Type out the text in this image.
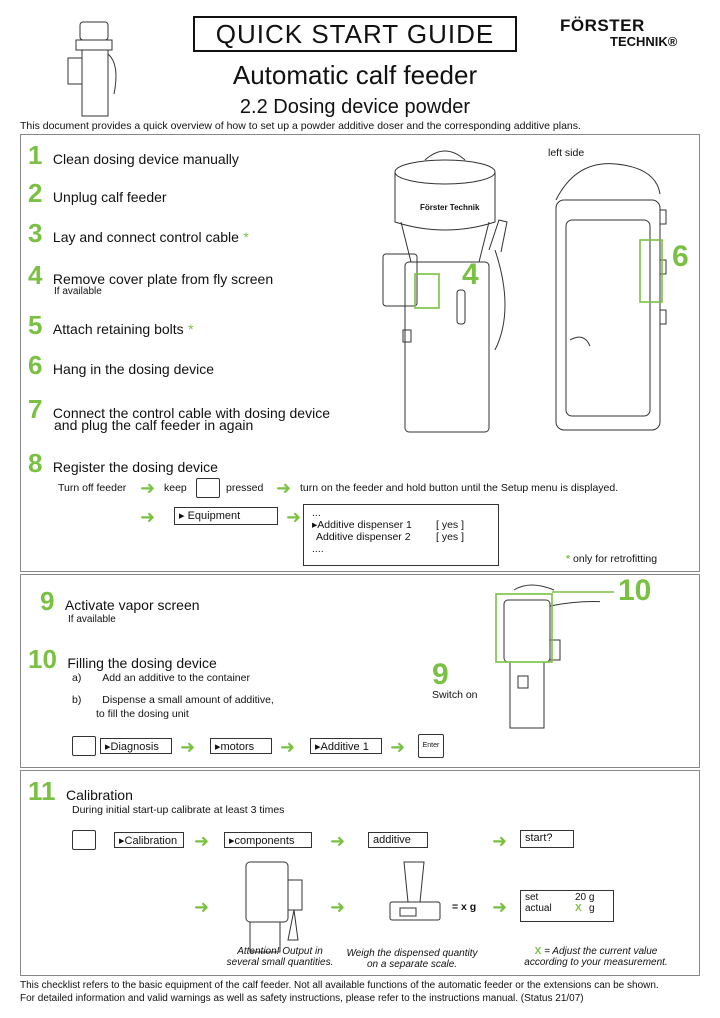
QUICK START GUIDE	FÖRSTER
TECHNIK®
Automatic calf feeder
2.2 Dosing device powder
This document provides a quick overview of how to set up a powder additive doser and the corresponding additive plans.
1 Clean dosing device manually
2 Unplug calf feeder
3 Lay and connect control cable *
4 Remove cover plate from fly screen
If available
5 Attach retaining bolts *
6 Hang in the dosing device
7 Connect the control cable with dosing device
and plug the calf feeder in again
8 Register the dosing device
Turn off feeder ➜ keep	pressed ➜ turn on the feeder and hold button until the Setup menu is displayed.
➜	▸ Equipment	➜ ...
▸Additive dispenser 1 [ yes ]
Additive dispenser 2 [ yes ]
....
* only for retrofitting
Förster Technik
4
left side
6
9 Activate vapor screen
If available
10 Filling the dosing device
a) Add an additive to the container
b) Dispense a small amount of additive,
to fill the dosing unit
10
9
Switch on
▸Diagnosis	➜	▸motors	➜	▸Additive 1	➜	Enter
11 Calibration
During initial start-up calibrate at least 3 times
▸Calibration ➜	▸components	➜	additive	➜	start?
➜	➜	= x g ➜ set	20 g
actual X g
Attention! Output in several small quantities.
Weigh the dispensed quantity on a separate scale.
X = Adjust the current value according to your measurement.
This checklist refers to the basic equipment of the calf feeder. Not all available functions of the automatic feeder or the extensions can be shown.
For detailed information and valid warnings as well as safety instructions, please refer to the instructions manual. (Status 21/07)
